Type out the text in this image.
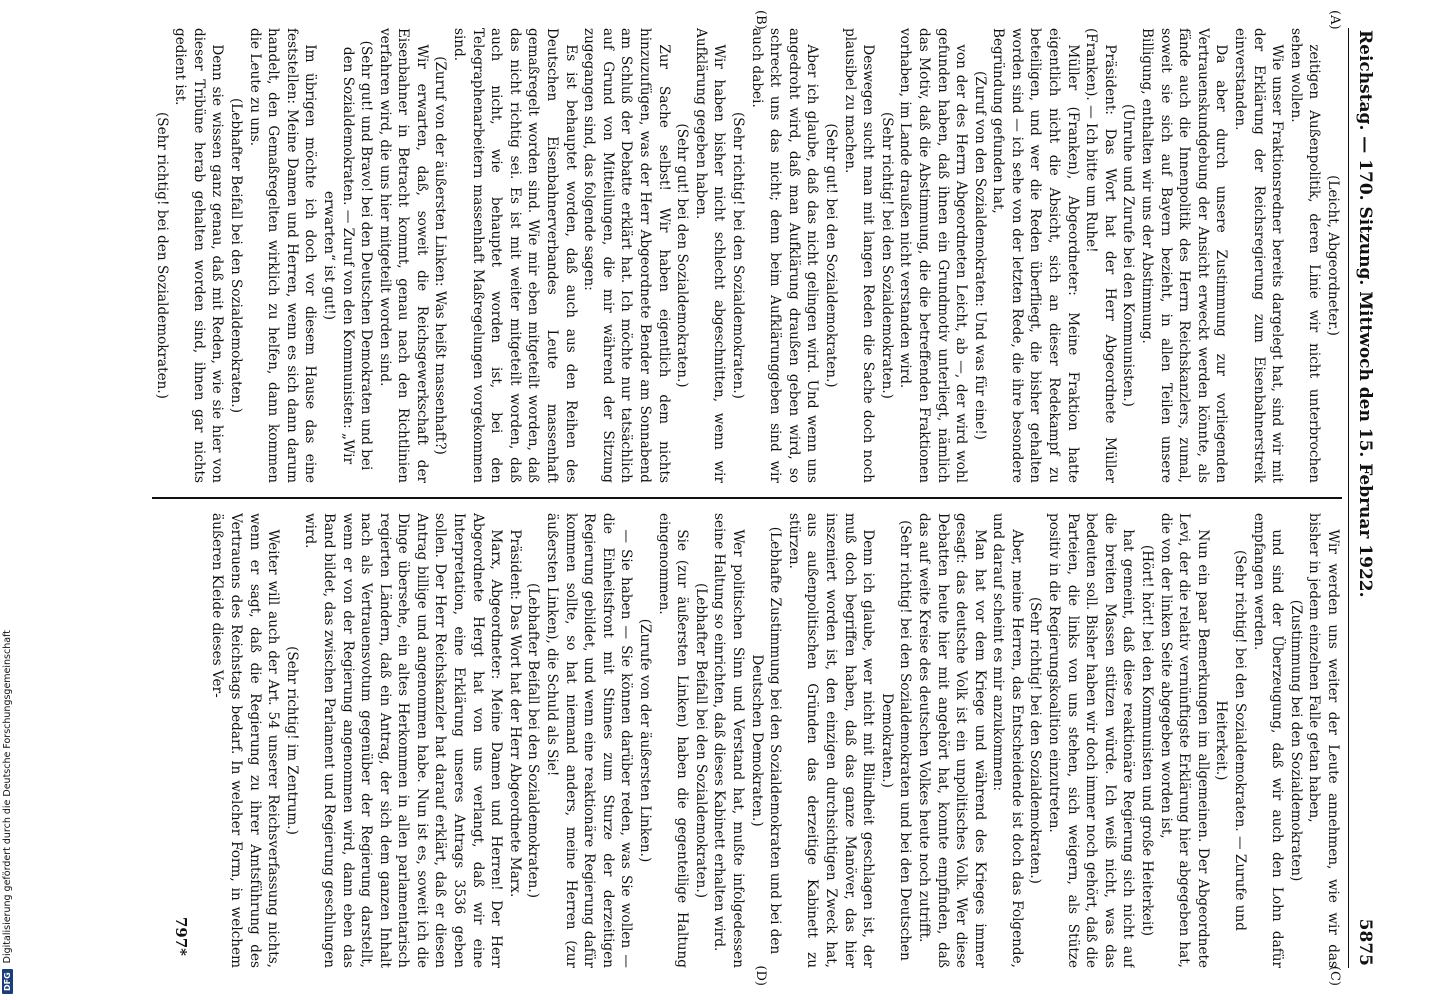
Reichstag. — 170. Sitzung. Mittwoch den 15. Februar 1922.
5875
(A)
(B)

(Leicht, Abgeordneter.)

zeitigen Außenpolitik, deren Linie wir nicht unterbrochen sehen wollen.

Wie unser Fraktionsredner bereits dargelegt hat, sind wir mit der Erklärung der Reichsregierung zum Eisenbahnerstreik einverstanden.

Da aber durch unsere Zustimmung zur vorliegenden Vertrauenskundgebung der Ansicht erweckt werden könnte, als fände auch die Innenpolitik des Herrn Reichskanzlers, zumal, soweit sie sich auf Bayern bezieht, in allen Teilen unsere Billigung, enthalten wir uns der Abstimmung.

(Unruhe und Zurufe bei den Kommunisten.)

Präsident: Das Wort hat der Herr Abgeordnete Müller (Franken). — Ich bitte um Ruhe!

Müller (Franken), Abgeordneter: Meine Fraktion hatte eigentlich nicht die Absicht, sich an dieser Redekampf zu beteiligen, und wer die Reden überfliegt, die bisher gehalten worden sind — ich sehe von der letzten Rede, die ihre besondere Begründung gefunden hat,

(Zuruf von den Sozialdemokraten: Und was für eine!)

von der des Herrn Abgeordneten Leicht, ab —, der wird wohl gefunden haben, daß ihnen ein Grundmotiv unterliegt, nämlich das Motiv, daß die Abstimmung, die die betreffenden Fraktionen vorhaben, im Lande draußen nicht verstanden wird.

(Sehr richtig! bei den Sozialdemokraten.)

Deswegen sucht man mit langen Reden die Sache doch noch plausibel zu machen.

(Sehr gut! bei den Sozialdemokraten.)

Aber ich glaube, daß das nicht gelingen wird. Und wenn uns angedroht wird, daß man Aufklärung draußen geben wird, so schreckt uns das nicht; denn beim Aufklärunggeben sind wir auch dabei.

(Sehr richtig! bei den Sozialdemokraten.)

Wir haben bisher nicht schlecht abgeschnitten, wenn wir Aufklärung gegeben haben.

(Sehr gut! bei den Sozialdemokraten.)

Zur Sache selbst! Wir haben eigentlich dem nichts hinzuzufügen, was der Herr Abgeordnete Bender am Sonnabend am Schluß der Debatte erklärt hat. Ich möchte nur tatsächlich auf Grund von Mitteilungen, die mir während der Sitzung zugegangen sind, das folgende sagen:

Es ist behauptet worden, daß auch aus den Reihen des Deutschen Eisenbahnerverbandes Leute massenhaft gemaßregelt worden sind. Wie mir eben mitgeteilt worden, daß das nicht richtig sei. Es ist mit weiter mitgeteilt worden, daß auch nicht, wie behauptet worden ist, bei den Telegraphenarbeitern massenhaft Maßregelungen vorgekommen sind.

(Zuruf von der äußersten Linken: Was heißt massenhaft?)

Wir erwarten, daß, soweit die Reichsgewerkschaft der Eisenbahner in Betracht kommt, genau nach den Richtlinien verfahren wird, die uns hier mitgeteilt worden sind.

(Sehr gut! und Bravo! bei den Deutschen Demokraten und bei den Sozialdemokraten. — Zuruf von den Kommunisten: „Wir erwarten“ ist gut!)

Im übrigen möchte ich doch vor diesem Hause das eine feststellen: Meine Damen und Herren, wenn es sich dann darum handelt, den Gemaßregelten wirklich zu helfen, dann kommen die Leute zu uns.

(Lebhafter Beifall bei den Sozialdemokraten.)

Denn sie wissen ganz genau, daß mit Reden, wie sie hier von dieser Tribüne herab gehalten worden sind, ihnen gar nichts gedient ist.

(Sehr richtig! bei den Sozialdemokraten.)

Wir werden uns weiter der Leute annehmen, wie wir das bisher in jedem einzelnen Falle getan haben,

(Zustimmung bei den Sozialdemokraten)

und sind der Überzeugung, daß wir auch den Lohn dafür empfangen werden.

(Sehr richtig! bei den Sozialdemokraten. — Zurufe und Heiterkeit.)

Nun ein paar Bemerkungen im allgemeinen. Der Abgeordnete Levi, der die relativ vernünftigste Erklärung hier abgegeben hat, die von der linken Seite abgegeben worden ist,

(Hört! hört! bei den Kommunisten und große Heiterkeit)

hat gemeint, daß diese reaktionäre Regierung sich nicht auf die breiten Massen stützen würde. Ich weiß nicht, was das bedeuten soll. Bisher haben wir doch immer noch gehört, daß die Parteien, die links von uns stehen, sich weigern, als Stütze positiv in die Regierungskoalition einzutreten.

(Sehr richtig! bei den Sozialdemokraten.)

Aber, meine Herren, das Entscheidende ist doch das Folgende, und darauf scheint es mir anzukommen:

Man hat vor dem Kriege und während des Krieges immer gesagt: das deutsche Volk ist ein unpolitisches Volk. Wer diese Debatten heute hier mit angehört hat, konnte empfinden, daß das auf weite Kreise des deutschen Volkes heute noch zutrifft.

(Sehr richtig! bei den Sozialdemokraten und bei den Deutschen Demokraten.)

Denn ich glaube, wer nicht mit Blindheit geschlagen ist, der muß doch begriffen haben, daß das ganze Manöver, das hier inszeniert worden ist, den einzigen durchsichtigen Zweck hat, aus außenpolitischen Gründen das derzeitige Kabinett zu stürzen.

(Lebhafte Zustimmung bei den Sozialdemokraten und bei den Deutschen Demokraten.)

Wer politischen Sinn und Verstand hat, mußte infolgedessen seine Haltung so einrichten, daß dieses Kabinett erhalten wird.

(Lebhafter Beifall bei den Sozialdemokraten.)

Sie (zur äußersten Linken) haben die gegenteilige Haltung eingenommen.

(Zurufe von der äußersten Linken.)

— Sie haben — Sie können darüber reden, was Sie wollen — die Einheitsfront mit Stinnes zum Sturze der derzeitigen Regierung gebildet, und wenn eine reaktionäre Regierung dafür kommen sollte, so hat niemand anders, meine Herren (zur äußersten Linken), die Schuld als Sie!

(Lebhafter Beifall bei den Sozialdemokraten.)

Präsident: Das Wort hat der Herr Abgeordnete Marx.

Marx, Abgeordneter: Meine Damen und Herren! Der Herr Abgeordnete Hergt hat von uns verlangt, daß wir eine Interpretation, eine Erklärung unseres Antrags 3536 geben sollen. Der Herr Reichskanzler hat darauf erklärt, daß er diesen Antrag billige und angenommen habe. Nun ist es, soweit ich die Dinge übersehe, ein altes Herkommen in allen parlamentarisch regierten Ländern, daß ein Antrag, der sich dem ganzen Inhalt nach als Vertrauensvotum gegenüber der Regierung darstellt, wenn er von der Regierung angenommen wird, dann eben das Band bildet, das zwischen Parlament und Regierung geschlungen wird.

(Sehr richtig! im Zentrum.)

Weiter will auch der Art. 54 unserer Reichsverfassung nichts, wenn er sagt, daß die Regierung zu ihrer Amtsführung des Vertrauens des Reichstags bedarf. In welcher Form, in welchem äußeren Kleide dieses Ver-

(C)
(D)
797*
DFG
Digitalisierung gefördert durch die Deutsche Forschungsgemeinschaft
